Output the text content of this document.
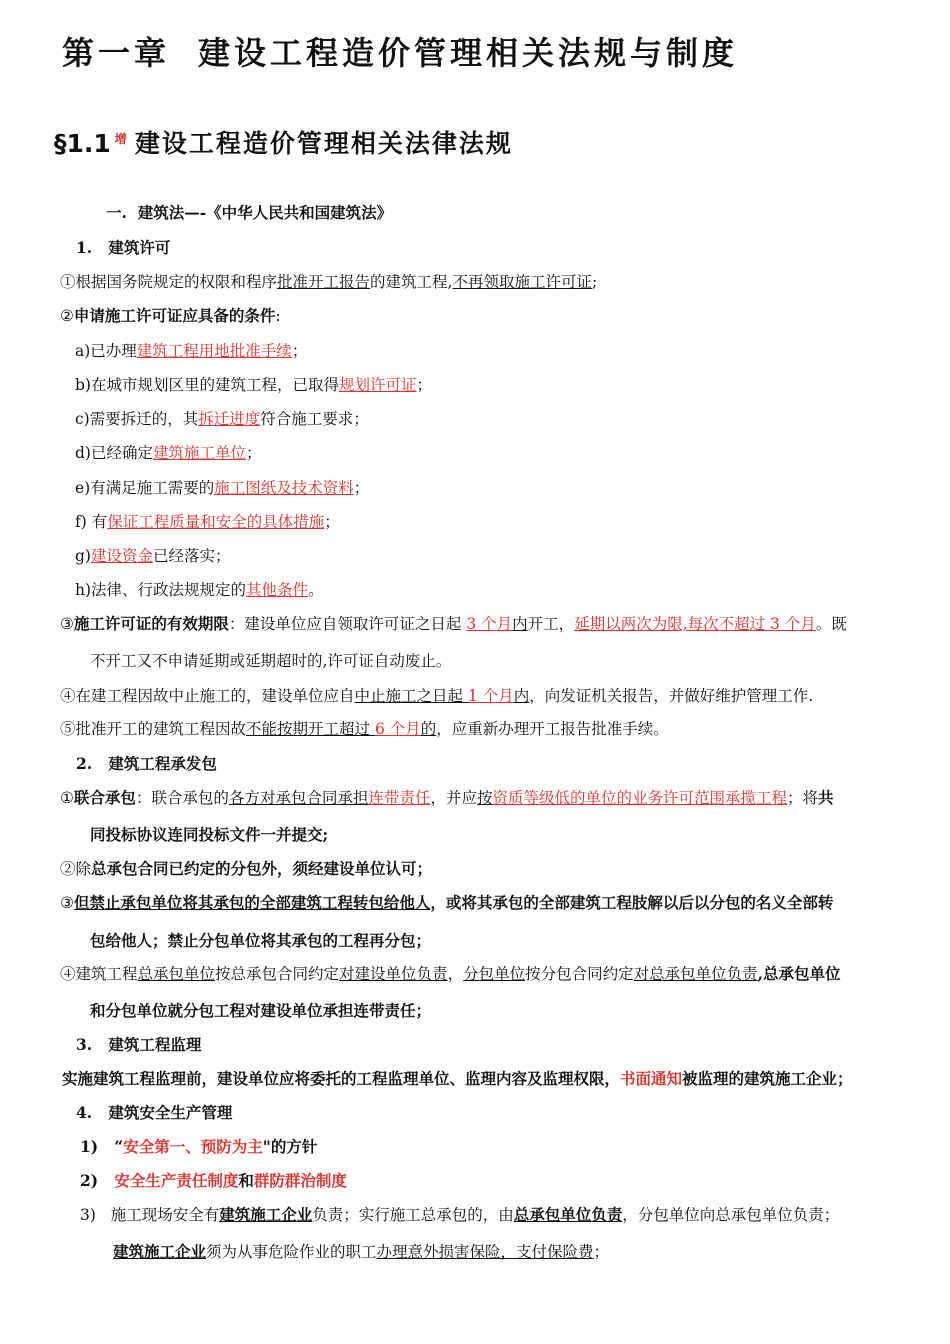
第一章 建设工程造价管理相关法规与制度
§1.1 $^增$ 建设工程造价管理相关法律法规
一.  建筑法—-《中华人民共和国建筑法》
1.   建筑许可
①根据国务院规定的权限和程序批准开工报告的建筑工程,不再领取施工许可证;
②申请施工许可证应具备的条件:
a)已办理建筑工程用地批准手续；
b)在城市规划区里的建筑工程，已取得规划许可证；
c)需要拆迁的，其拆迁进度符合施工要求；
d)已经确定建筑施工单位；
e)有满足施工需要的施工图纸及技术资料；
f) 有保证工程质量和安全的具体措施；
g)建设资金已经落实；
h)法律、行政法规规定的其他条件。
③施工许可证的有效期限：建设单位应自领取许可证之日起 3 个月内开工，延期以两次为限,每次不超过 3 个月。既
不开工又不申请延期或延期超时的,许可证自动废止。
④在建工程因故中止施工的，建设单位应自中止施工之日起 1 个月内，向发证机关报告，并做好维护管理工作.
⑤批准开工的建筑工程因故不能按期开工超过 6 个月的，应重新办理开工报告批准手续。
2.   建筑工程承发包
①联合承包：联合承包的各方对承包合同承担连带责任，并应按资质等级低的单位的业务许可范围承揽工程；将共
同投标协议连同投标文件一并提交;
②除总承包合同已约定的分包外，须经建设单位认可；
③但禁止承包单位将其承包的全部建筑工程转包给他人，或将其承包的全部建筑工程肢解以后以分包的名义全部转
包给他人；禁止分包单位将其承包的工程再分包；
④建筑工程总承包单位按总承包合同约定对建设单位负责，分包单位按分包合同约定对总承包单位负责,总承包单位
和分包单位就分包工程对建设单位承担连带责任；
3.   建筑工程监理
实施建筑工程监理前，建设单位应将委托的工程监理单位、监理内容及监理权限，书面通知被监理的建筑施工企业；
4.   建筑安全生产管理
1)   “安全第一、预防为主"的方针
2)   安全生产责任制度和群防群治制度
3)   施工现场安全有建筑施工企业负责；实行施工总承包的，由总承包单位负责，分包单位向总承包单位负责；
建筑施工企业须为从事危险作业的职工办理意外损害保险，支付保险费；
